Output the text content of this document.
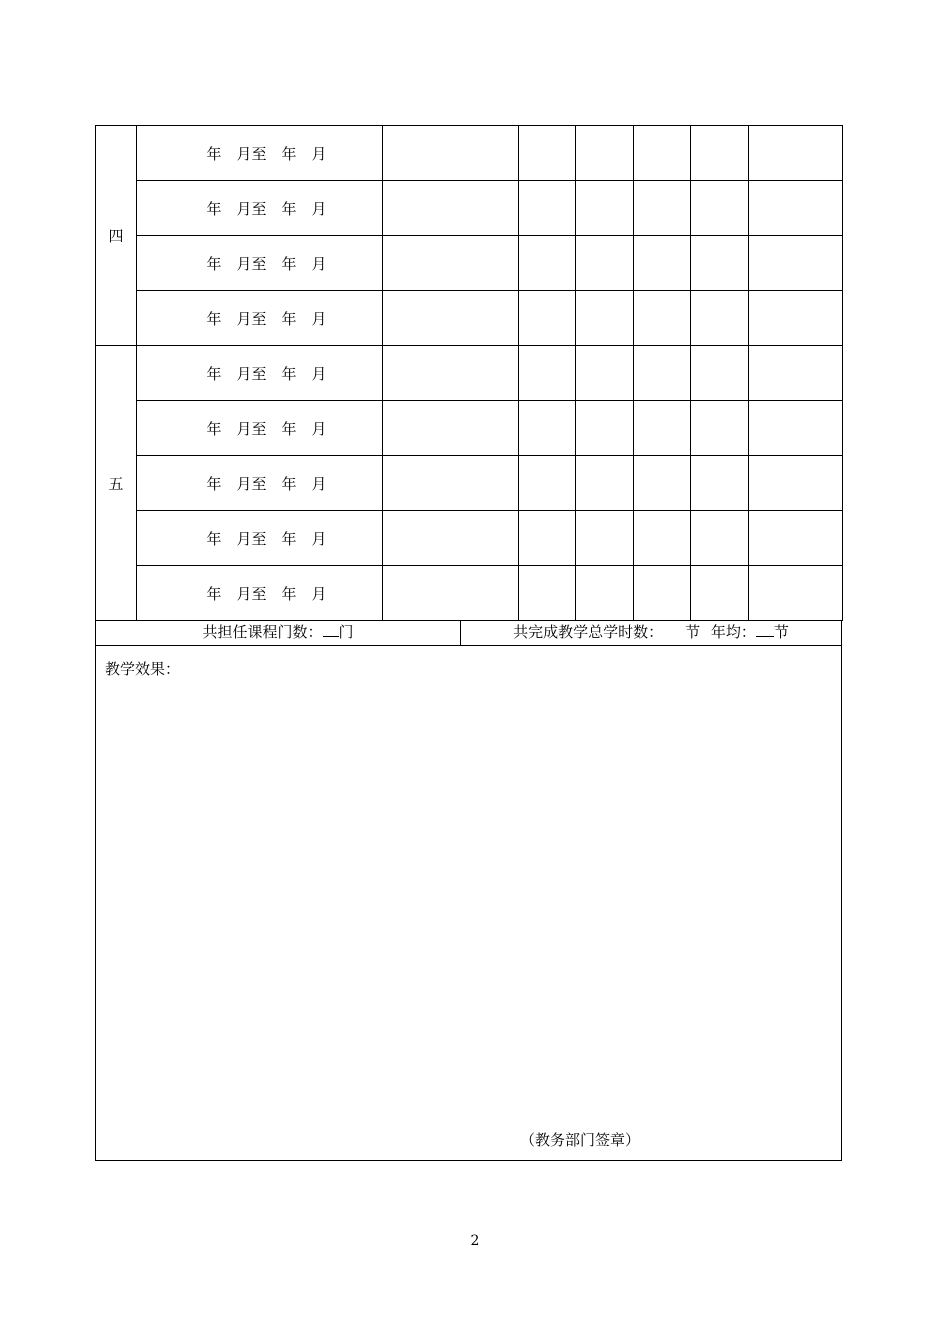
四	年　月至　年　月						
	年　月至　年　月						
	年　月至　年　月						
	年　月至　年　月						
五	年　月至　年　月						
	年　月至　年　月						
	年　月至　年　月						
	年　月至　年　月						
	年　月至　年　月						
共担任课程门数： 门	共完成教学总学时数： 节 年均： 节
教学效果：
（教务部门签章）
2
